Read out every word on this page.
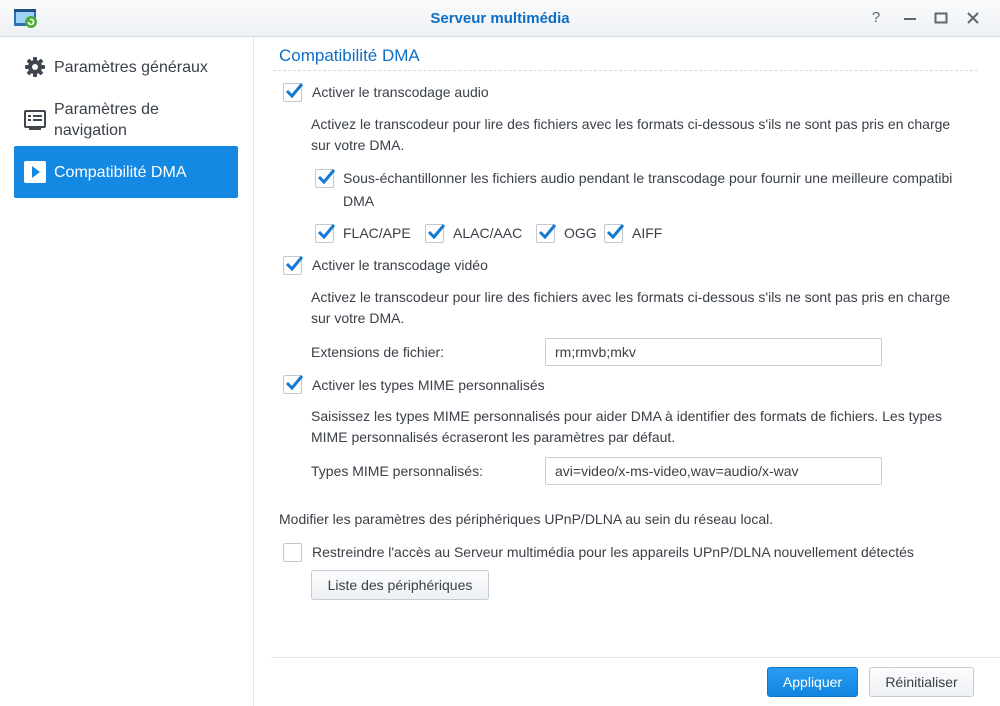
Serveur multimédia	?
Paramètres généraux
Paramètres de
navigation
Compatibilité DMA
Compatibilité DMA
Activer le transcodage audio
Activez le transcodeur pour lire des fichiers avec les formats ci-dessous s'ils ne sont pas pris en charge
sur votre DMA.
Sous-échantillonner les fichiers audio pendant le transcodage pour fournir une meilleure compatibi
DMA
FLAC/APE	ALAC/AAC	OGG	AIFF
Activer le transcodage vidéo
Activez le transcodeur pour lire des fichiers avec les formats ci-dessous s'ils ne sont pas pris en charge
sur votre DMA.
Extensions de fichier:
rm;rmvb;mkv
Activer les types MIME personnalisés
Saisissez les types MIME personnalisés pour aider DMA à identifier des formats de fichiers. Les types
MIME personnalisés écraseront les paramètres par défaut.
Types MIME personnalisés:
avi=video/x-ms-video,wav=audio/x-wav
Modifier les paramètres des périphériques UPnP/DLNA au sein du réseau local.
Restreindre l'accès au Serveur multimédia pour les appareils UPnP/DLNA nouvellement détectés
Liste des périphériques
Appliquer	Réinitialiser
